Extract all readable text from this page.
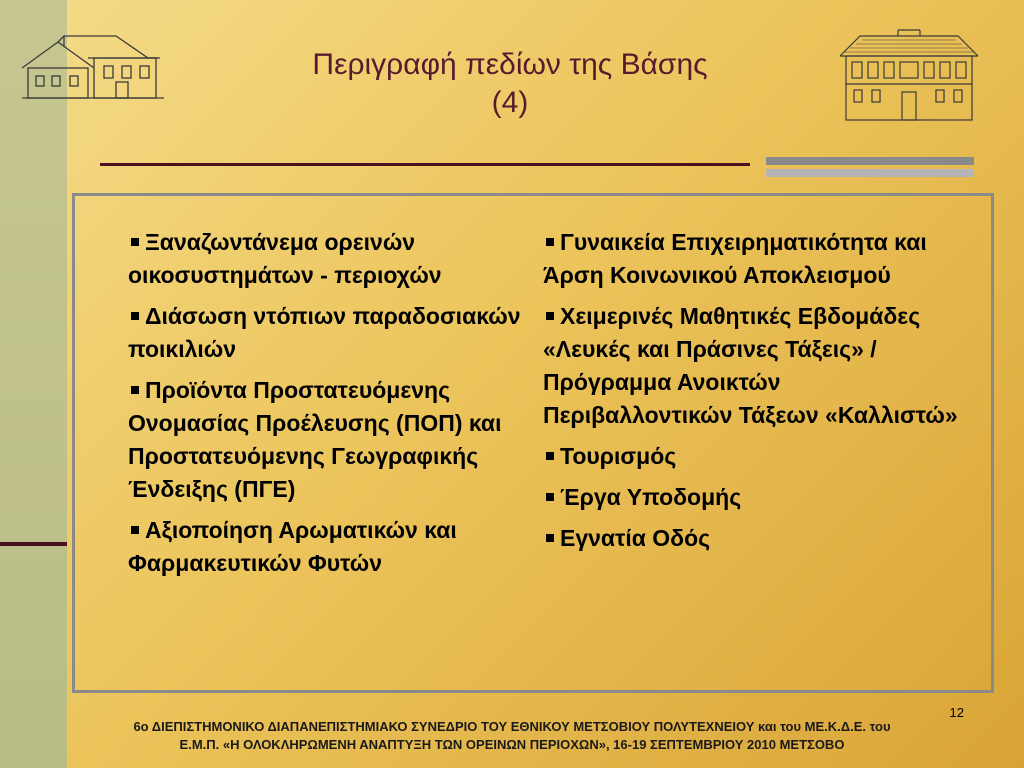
Περιγραφή πεδίων της Βάσης
(4)
Ξαναζωντάνεμα ορεινών οικοσυστημάτων - περιοχών
Διάσωση ντόπιων παραδοσιακών ποικιλιών
Προϊόντα Προστατευόμενης Ονομασίας Προέλευσης (ΠΟΠ) και Προστατευόμενης Γεωγραφικής Ένδειξης (ΠΓΕ)
Αξιοποίηση Αρωματικών και Φαρμακευτικών Φυτών
Γυναικεία Επιχειρηματικότητα και Άρση Κοινωνικού Αποκλεισμού
Χειμερινές Μαθητικές Εβδομάδες «Λευκές και Πράσινες Τάξεις» / Πρόγραμμα Ανοικτών Περιβαλλοντικών Τάξεων «Καλλιστώ»
Τουρισμός
Έργα Υποδομής
Εγνατία Οδός
12
6ο ΔΙΕΠΙΣΤΗΜΟΝΙΚΟ ΔΙΑΠΑΝΕΠΙΣΤΗΜΙΑΚΟ ΣΥΝΕΔΡΙΟ ΤΟΥ ΕΘΝΙΚΟΥ ΜΕΤΣΟΒΙΟΥ ΠΟΛΥΤΕΧΝΕΙΟΥ και του ΜΕ.Κ.Δ.Ε. του
Ε.Μ.Π. «Η ΟΛΟΚΛΗΡΩΜΕΝΗ ΑΝΑΠΤΥΞΗ ΤΩΝ ΟΡΕΙΝΩΝ ΠΕΡΙΟΧΩΝ», 16-19 ΣΕΠΤΕΜΒΡΙΟΥ 2010 ΜΕΤΣΟΒΟ
